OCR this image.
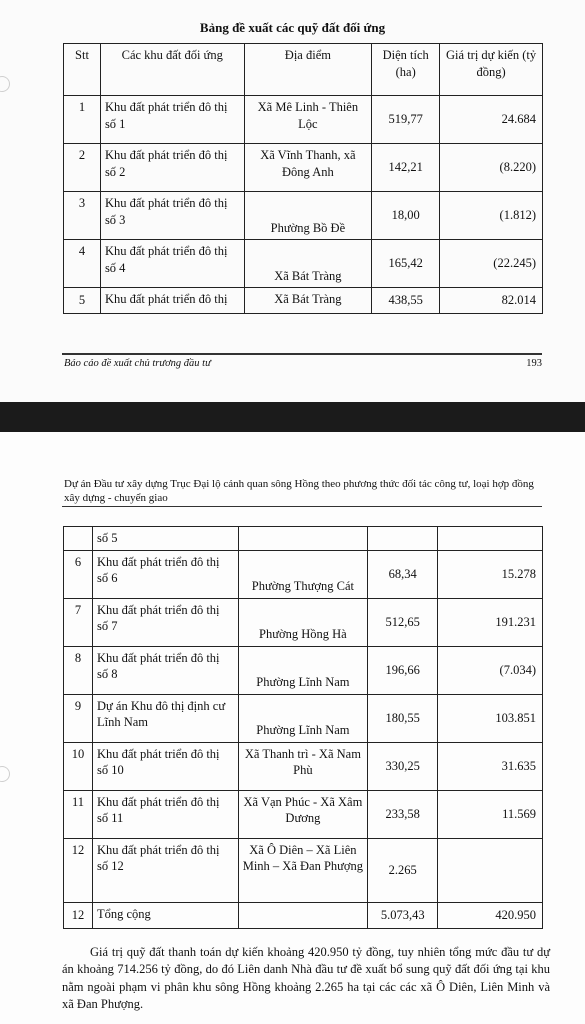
Bảng đề xuất các quỹ đất đối ứng
Stt	Các khu đất đối ứng	Địa điểm	Diện tích (ha)	Giá trị dự kiến (tỷ đồng)
1	Khu đất phát triển đô thị số 1	Xã Mê Linh - Thiên Lộc	519,77	24.684
2	Khu đất phát triển đô thị số 2	Xã Vĩnh Thanh, xã Đông Anh	142,21	(8.220)
3	Khu đất phát triển đô thị số 3	Phường Bồ Đề	18,00	(1.812)
4	Khu đất phát triển đô thị số 4	Xã Bát Tràng	165,42	(22.245)
5	Khu đất phát triển đô thị	Xã Bát Tràng	438,55	82.014
Báo cáo đề xuất chủ trương đầu tư	193
Dự án Đầu tư xây dựng Trục Đại lộ cảnh quan sông Hồng theo phương thức đối tác công tư, loại hợp đồng xây dựng - chuyển giao
	số 5			
6	Khu đất phát triển đô thị số 6	Phường Thượng Cát	68,34	15.278
7	Khu đất phát triển đô thị số 7	Phường Hồng Hà	512,65	191.231
8	Khu đất phát triển đô thị số 8	Phường Lĩnh Nam	196,66	(7.034)
9	Dự án Khu đô thị định cư Lĩnh Nam	Phường Lĩnh Nam	180,55	103.851
10	Khu đất phát triển đô thị số 10	Xã Thanh trì - Xã Nam Phù	330,25	31.635
11	Khu đất phát triển đô thị số 11	Xã Vạn Phúc - Xã Xâm Dương	233,58	11.569
12	Khu đất phát triển đô thị số 12	Xã Ô Diên – Xã Liên Minh – Xã Đan Phượng	2.265	
12	Tổng cộng		5.073,43	420.950
Giá trị quỹ đất thanh toán dự kiến khoảng 420.950 tỷ đồng, tuy nhiên tổng mức đầu tư dự án khoảng 714.256 tỷ đồng, do đó Liên danh Nhà đầu tư đề xuất bổ sung quỹ đất đối ứng tại khu nằm ngoài phạm vi phân khu sông Hồng khoảng 2.265 ha tại các các xã Ô Diên, Liên Minh và xã Đan Phượng.
